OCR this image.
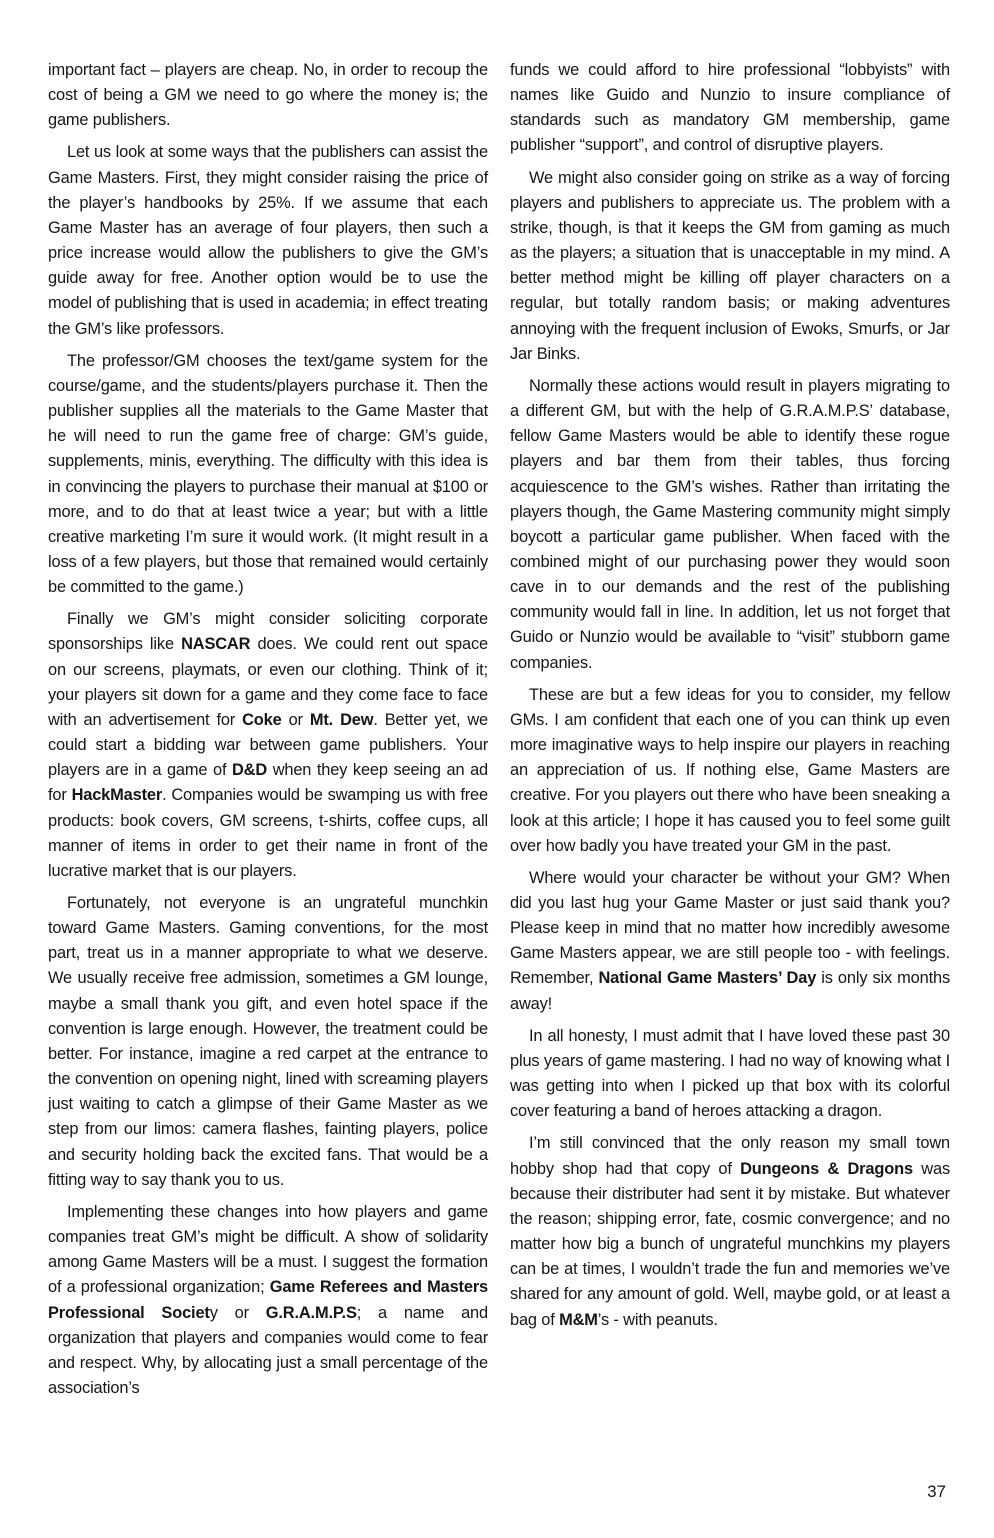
important fact – players are cheap. No, in order to recoup the cost of being a GM we need to go where the money is; the game publishers.

Let us look at some ways that the publishers can assist the Game Masters. First, they might consider raising the price of the player’s handbooks by 25%. If we assume that each Game Master has an average of four players, then such a price increase would allow the publishers to give the GM’s guide away for free. Another option would be to use the model of publishing that is used in academia; in effect treating the GM’s like professors.

The professor/GM chooses the text/game system for the course/game, and the students/players purchase it. Then the publisher supplies all the materials to the Game Master that he will need to run the game free of charge: GM’s guide, supplements, minis, everything. The difficulty with this idea is in convincing the players to purchase their manual at $100 or more, and to do that at least twice a year; but with a little creative marketing I’m sure it would work. (It might result in a loss of a few players, but those that remained would certainly be committed to the game.)

Finally we GM’s might consider soliciting corporate sponsorships like NASCAR does. We could rent out space on our screens, playmats, or even our clothing. Think of it; your players sit down for a game and they come face to face with an advertisement for Coke or Mt. Dew. Better yet, we could start a bidding war between game publishers. Your players are in a game of D&D when they keep seeing an ad for HackMaster. Companies would be swamping us with free products: book covers, GM screens, t-shirts, coffee cups, all manner of items in order to get their name in front of the lucrative market that is our players.

Fortunately, not everyone is an ungrateful munchkin toward Game Masters. Gaming conventions, for the most part, treat us in a manner appropriate to what we deserve. We usually receive free admission, sometimes a GM lounge, maybe a small thank you gift, and even hotel space if the convention is large enough. However, the treatment could be better. For instance, imagine a red carpet at the entrance to the convention on opening night, lined with screaming players just waiting to catch a glimpse of their Game Master as we step from our limos: camera flashes, fainting players, police and security holding back the excited fans. That would be a fitting way to say thank you to us.

Implementing these changes into how players and game companies treat GM’s might be difficult. A show of solidarity among Game Masters will be a must. I suggest the formation of a professional organization; Game Referees and Masters Professional Society or G.R.A.M.P.S; a name and organization that players and companies would come to fear and respect. Why, by allocating just a small percentage of the association’s

funds we could afford to hire professional “lobbyists” with names like Guido and Nunzio to insure compliance of standards such as mandatory GM membership, game publisher “support”, and control of disruptive players.

We might also consider going on strike as a way of forcing players and publishers to appreciate us. The problem with a strike, though, is that it keeps the GM from gaming as much as the players; a situation that is unacceptable in my mind. A better method might be killing off player characters on a regular, but totally random basis; or making adventures annoying with the frequent inclusion of Ewoks, Smurfs, or Jar Jar Binks.

Normally these actions would result in players migrating to a different GM, but with the help of G.R.A.M.P.S’ database, fellow Game Masters would be able to identify these rogue players and bar them from their tables, thus forcing acquiescence to the GM’s wishes. Rather than irritating the players though, the Game Mastering community might simply boycott a particular game publisher. When faced with the combined might of our purchasing power they would soon cave in to our demands and the rest of the publishing community would fall in line. In addition, let us not forget that Guido or Nunzio would be available to “visit” stubborn game companies.

These are but a few ideas for you to consider, my fellow GMs. I am confident that each one of you can think up even more imaginative ways to help inspire our players in reaching an appreciation of us. If nothing else, Game Masters are creative. For you players out there who have been sneaking a look at this article; I hope it has caused you to feel some guilt over how badly you have treated your GM in the past.

Where would your character be without your GM? When did you last hug your Game Master or just said thank you? Please keep in mind that no matter how incredibly awesome Game Masters appear, we are still people too - with feelings. Remember, National Game Masters’ Day is only six months away!

In all honesty, I must admit that I have loved these past 30 plus years of game mastering. I had no way of knowing what I was getting into when I picked up that box with its colorful cover featuring a band of heroes attacking a dragon.

I’m still convinced that the only reason my small town hobby shop had that copy of Dungeons & Dragons was because their distributer had sent it by mistake. But whatever the reason; shipping error, fate, cosmic convergence; and no matter how big a bunch of ungrateful munchkins my players can be at times, I wouldn’t trade the fun and memories we’ve shared for any amount of gold. Well, maybe gold, or at least a bag of M&M’s - with peanuts.

37
